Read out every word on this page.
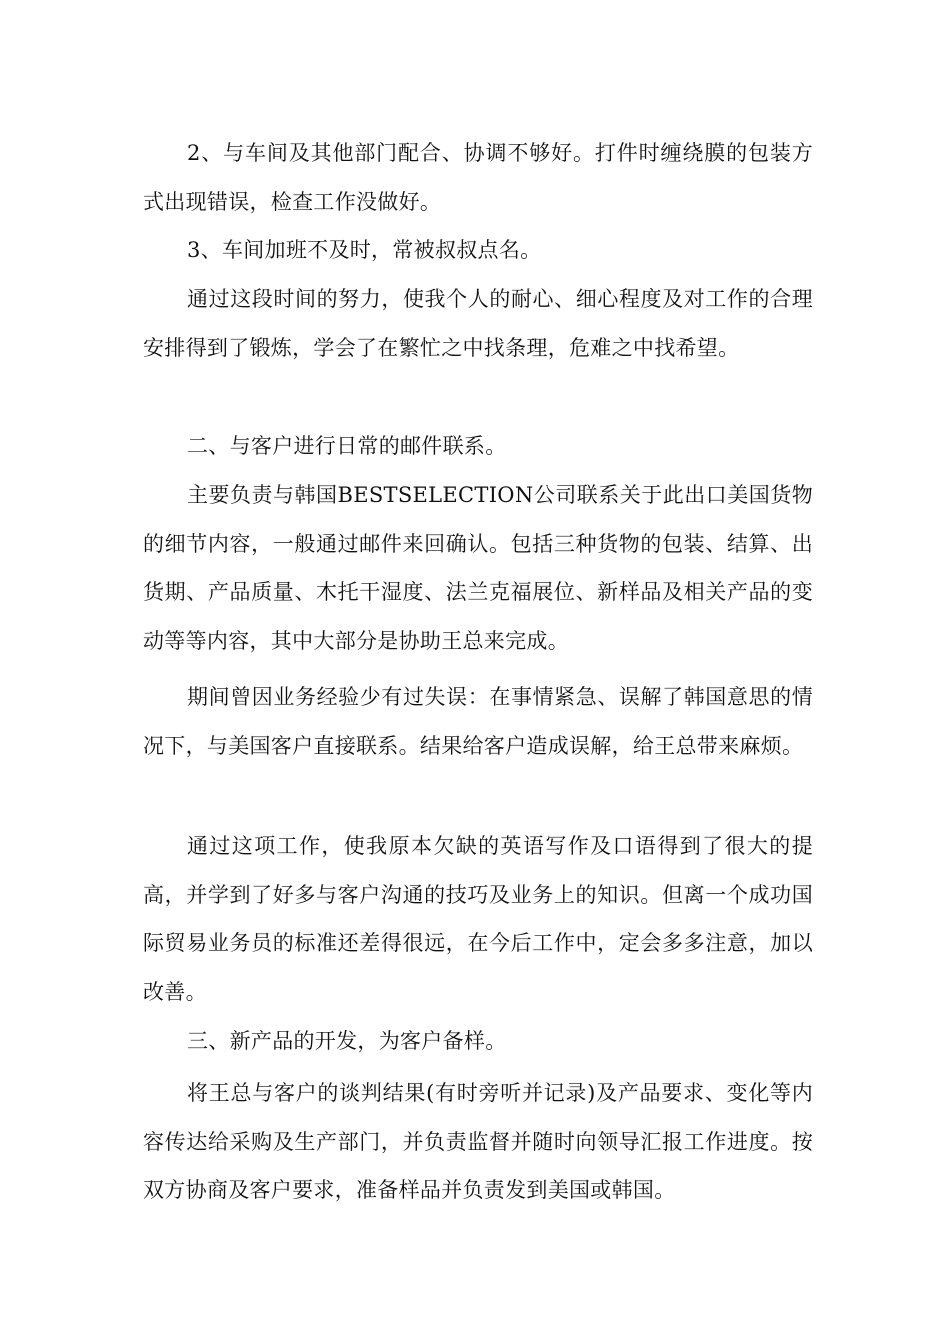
2、与车间及其他部门配合、协调不够好。打件时缠绕膜的包装方式出现错误，检查工作没做好。

3、车间加班不及时，常被叔叔点名。

通过这段时间的努力，使我个人的耐心、细心程度及对工作的合理安排得到了锻炼，学会了在繁忙之中找条理，危难之中找希望。

二、与客户进行日常的邮件联系。

主要负责与韩国BESTSELECTION公司联系关于此出口美国货物的细节内容，一般通过邮件来回确认。包括三种货物的包装、结算、出货期、产品质量、木托干湿度、法兰克福展位、新样品及相关产品的变动等等内容，其中大部分是协助王总来完成。

期间曾因业务经验少有过失误：在事情紧急、误解了韩国意思的情况下，与美国客户直接联系。结果给客户造成误解，给王总带来麻烦。

通过这项工作，使我原本欠缺的英语写作及口语得到了很大的提高，并学到了好多与客户沟通的技巧及业务上的知识。但离一个成功国际贸易业务员的标准还差得很远，在今后工作中，定会多多注意，加以改善。

三、新产品的开发，为客户备样。

将王总与客户的谈判结果(有时旁听并记录)及产品要求、变化等内容传达给采购及生产部门，并负责监督并随时向领导汇报工作进度。按双方协商及客户要求，准备样品并负责发到美国或韩国。
